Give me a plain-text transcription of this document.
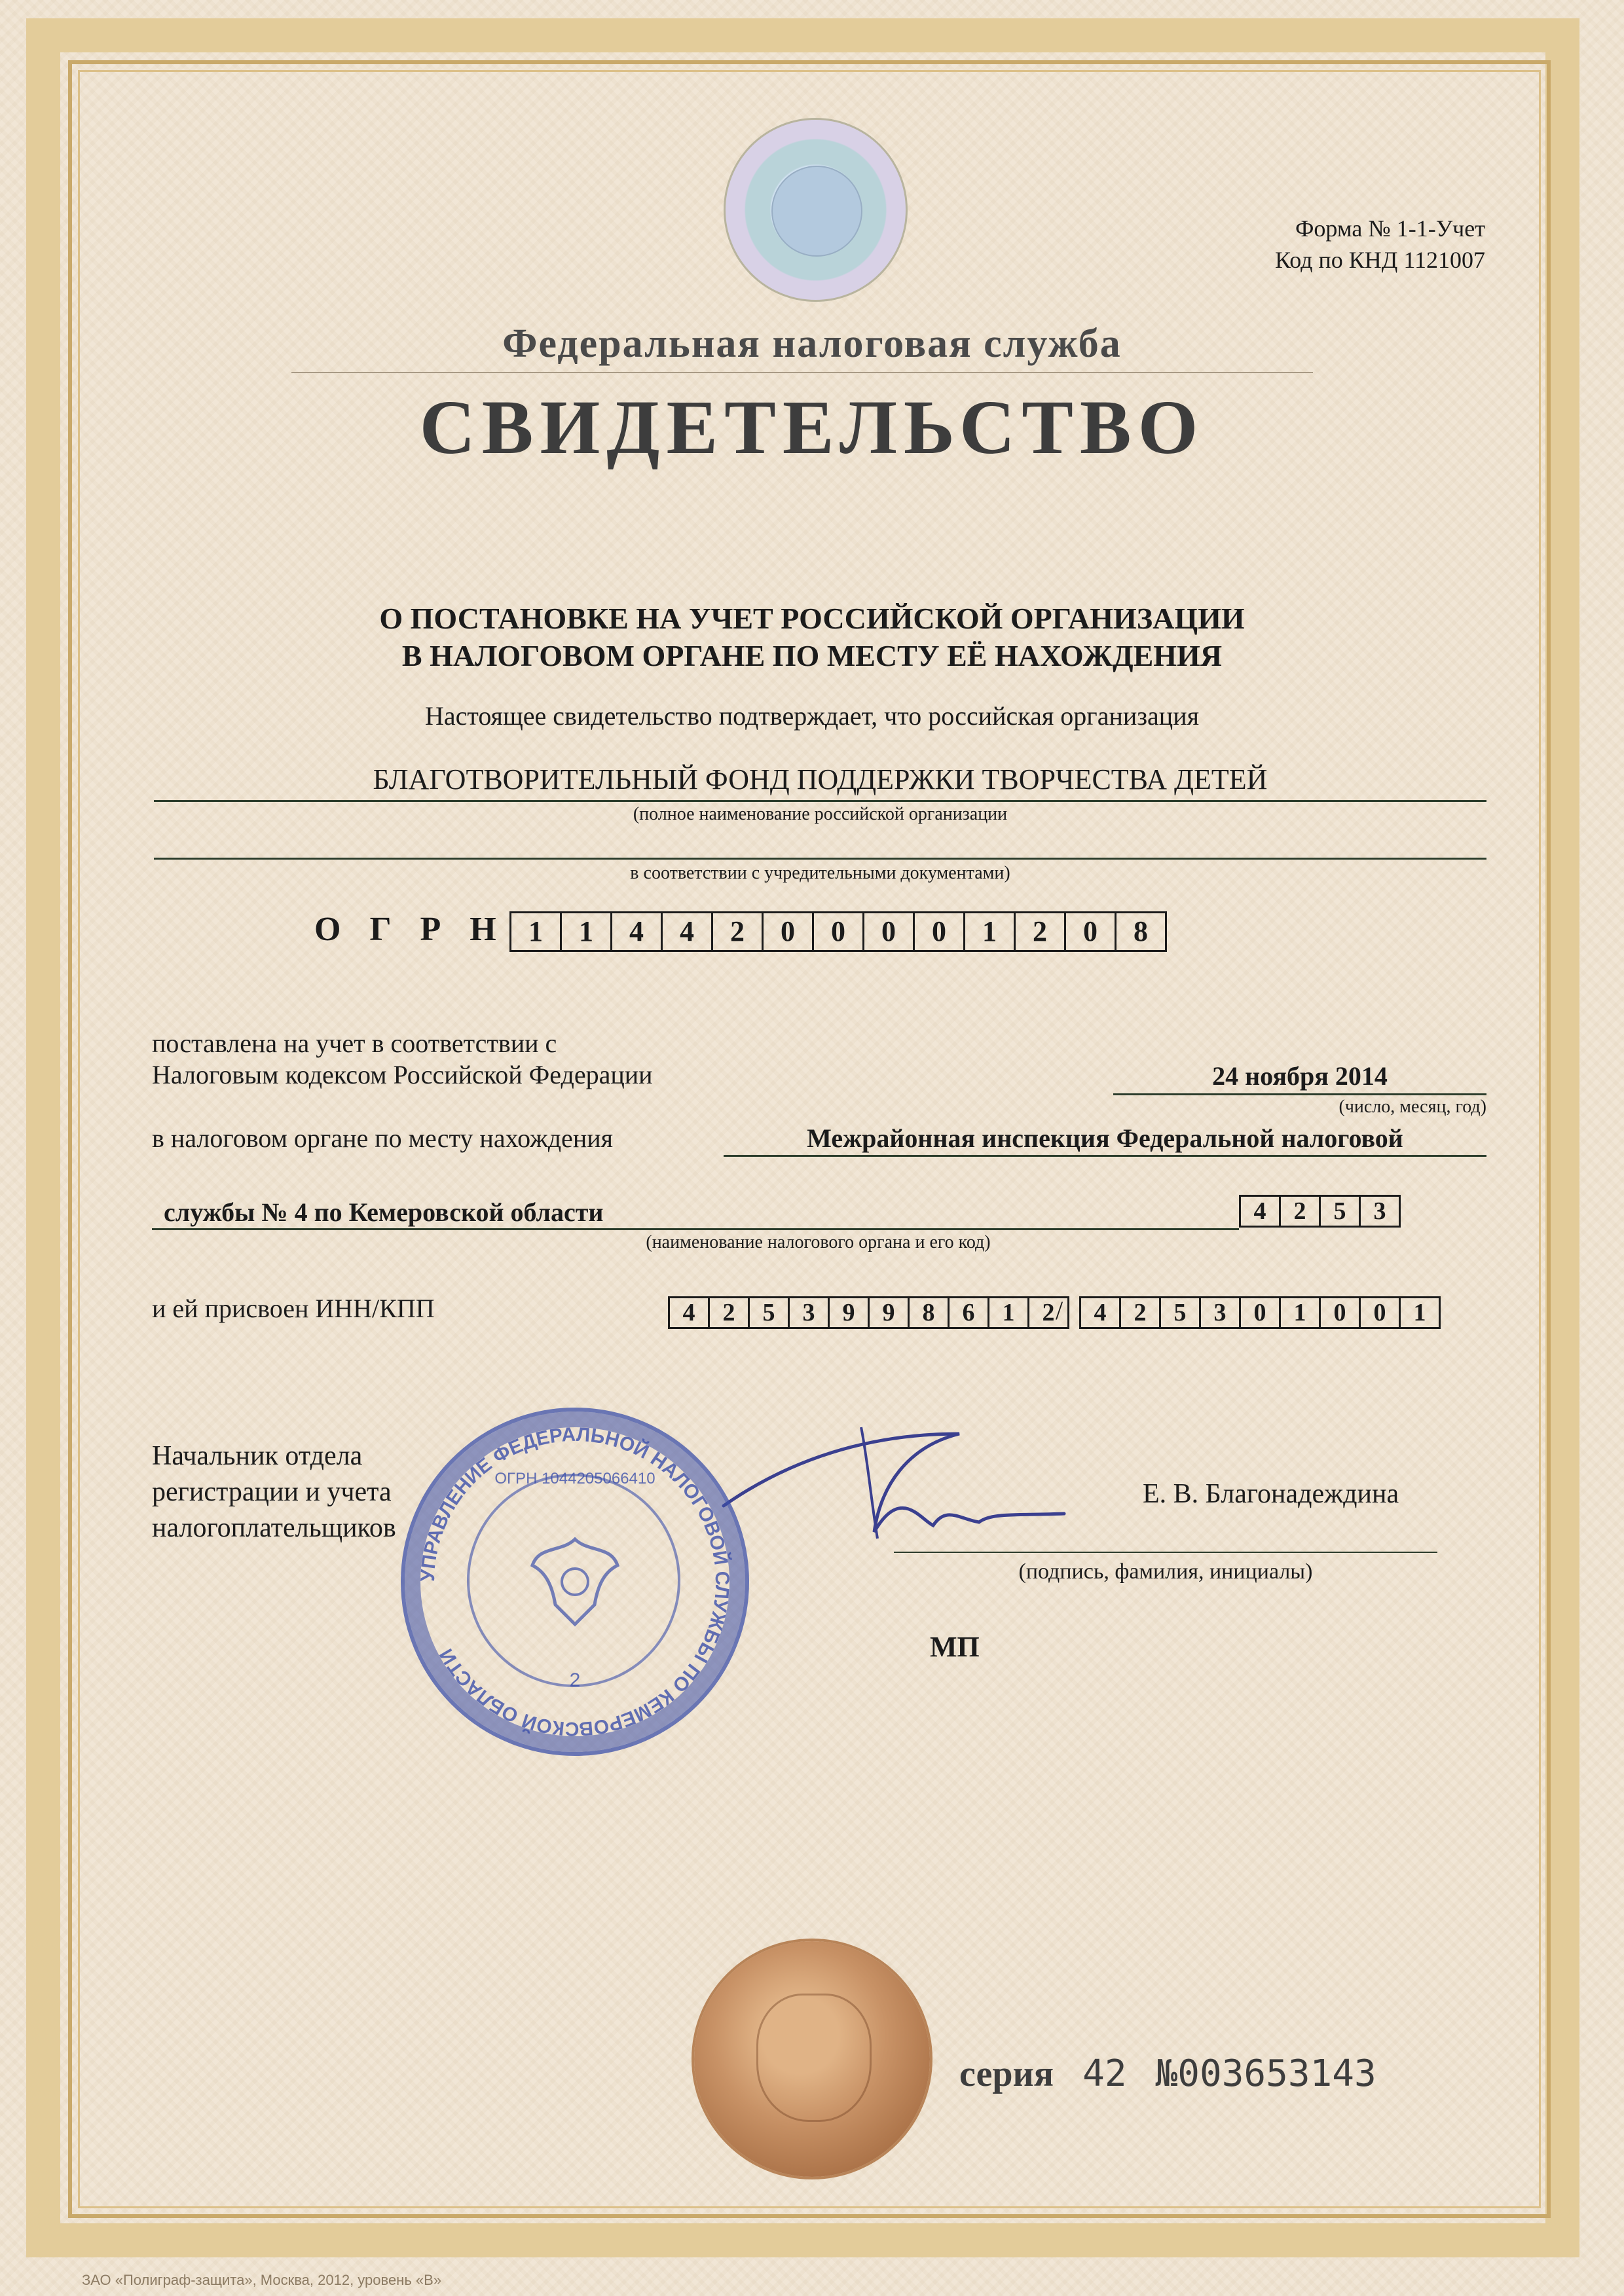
Форма № 1-1-Учет
Код по КНД 1121007
Федеральная налоговая служба
СВИДЕТЕЛЬСТВО
О ПОСТАНОВКЕ НА УЧЕТ РОССИЙСКОЙ ОРГАНИЗАЦИИ
В НАЛОГОВОМ ОРГАНЕ ПО МЕСТУ ЕЁ НАХОЖДЕНИЯ
Настоящее свидетельство подтверждает, что российская организация
БЛАГОТВОРИТЕЛЬНЫЙ ФОНД ПОДДЕРЖКИ ТВОРЧЕСТВА ДЕТЕЙ
(полное наименование российской организации
в соответствии с учредительными документами)
ОГРН 1	1	4	4	2	0	0	0	0	1	2	0	8
поставлена на учет в соответствии с
Налоговым кодексом Российской Федерации	24 ноября 2014
(число, месяц, год)
в налоговом органе по месту нахождения	Межрайонная инспекция Федеральной налоговой
службы № 4 по Кемеровской области	4	2	5	3
(наименование налогового органа и его код)
и ей присвоен ИНН/КПП	4	2	5	3	9	9	8	6	1	2 /	4	2	5	3	0	1	0	0	1
Начальник отдела
регистрации и учета
налогоплательщиков
Е. В. Благонадеждина
(подпись, фамилия, инициалы)
УПРАВЛЕНИЕ ФЕДЕРАЛЬНОЙ НАЛОГОВОЙ СЛУЖБЫ ПО КЕМЕРОВСКОЙ ОБЛАСТИ
2
ОГРН 1044205066410
МП
серия 42 №003653143
ЗАО «Полиграф-защита», Москва, 2012, уровень «В»
